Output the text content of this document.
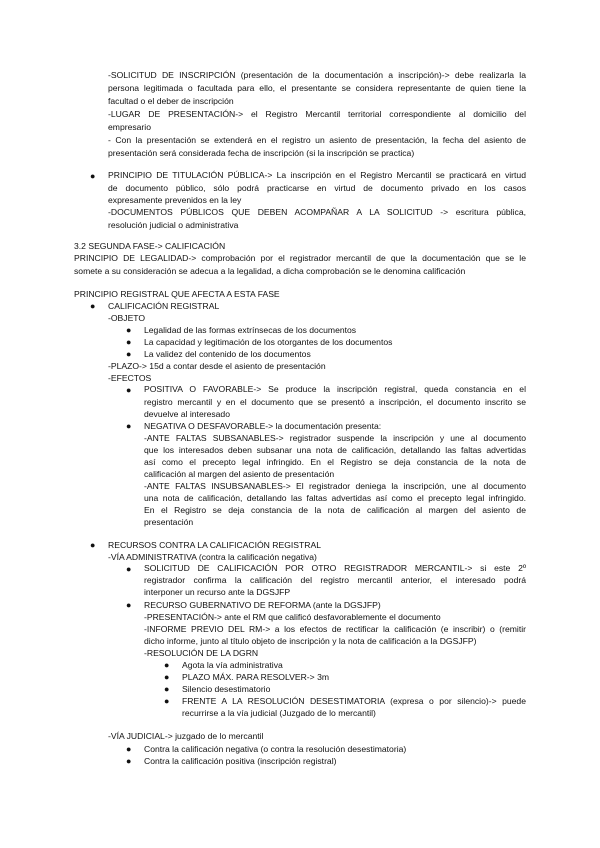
-SOLICITUD DE INSCRIPCIÓN (presentación de la documentación a inscripción)-> debe realizarla la
persona legitimada o facultada para ello, el presentante se considera representante de quien tiene la
facultad o el deber de inscripción
-LUGAR DE PRESENTACIÓN-> el Registro Mercantil territorial correspondiente al domicilio del
empresario
- Con la presentación se extenderá en el registro un asiento de presentación, la fecha del asiento de
presentación será considerada fecha de inscripción (si la inscripción se practica)
● PRINCIPIO DE TITULACIÓN PÚBLICA-> La inscripción en el Registro Mercantil se practicará en virtud
de documento público, sólo podrá practicarse en virtud de documento privado en los casos
expresamente prevenidos en la ley
-DOCUMENTOS PÚBLICOS QUE DEBEN ACOMPAÑAR A LA SOLICITUD -> escritura pública,
resolución judicial o administrativa
3.2 SEGUNDA FASE-> CALIFICACIÓN
PRINCIPIO DE LEGALIDAD-> comprobación por el registrador mercantil de que la documentación que se le
somete a su consideración se adecua a la legalidad, a dicha comprobación se le denomina calificación
PRINCIPIO REGISTRAL QUE AFECTA A ESTA FASE
● CALIFICACIÓN REGISTRAL
-OBJETO
● Legalidad de las formas extrínsecas de los documentos
● La capacidad y legitimación de los otorgantes de los documentos
● La validez del contenido de los documentos
-PLAZO-> 15d a contar desde el asiento de presentación
-EFECTOS
● POSITIVA O FAVORABLE-> Se produce la inscripción registral, queda constancia en el
registro mercantil y en el documento que se presentó a inscripción, el documento inscrito se
devuelve al interesado
● NEGATIVA O DESFAVORABLE-> la documentación presenta:
-ANTE FALTAS SUBSANABLES-> registrador suspende la inscripción y une al documento
que los interesados deben subsanar una nota de calificación, detallando las faltas advertidas
así como el precepto legal infringido. En el Registro se deja constancia de la nota de
calificación al margen del asiento de presentación
-ANTE FALTAS INSUBSANABLES-> El registrador deniega la inscripción, une al documento
una nota de calificación, detallando las faltas advertidas así como el precepto legal infringido.
En el Registro se deja constancia de la nota de calificación al margen del asiento de
presentación
● RECURSOS CONTRA LA CALIFICACIÓN REGISTRAL
-VÍA ADMINISTRATIVA (contra la calificación negativa)
● SOLICITUD DE CALIFICACIÓN POR OTRO REGISTRADOR MERCANTIL-> si este 2º
registrador confirma la calificación del registro mercantil anterior, el interesado podrá
interponer un recurso ante la DGSJFP
● RECURSO GUBERNATIVO DE REFORMA (ante la DGSJFP)
-PRESENTACIÓN-> ante el RM que calificó desfavorablemente el documento
-INFORME PREVIO DEL RM-> a los efectos de rectificar la calificación (e inscribir) o (remitir
dicho informe, junto al título objeto de inscripción y la nota de calificación a la DGSJFP)
-RESOLUCIÓN DE LA DGRN
● Agota la vía administrativa
● PLAZO MÁX. PARA RESOLVER-> 3m
● Silencio desestimatorio
● FRENTE A LA RESOLUCIÓN DESESTIMATORIA (expresa o por silencio)-> puede
recurrirse a la vía judicial (Juzgado de lo mercantil)
-VÍA JUDICIAL-> juzgado de lo mercantil
● Contra la calificación negativa (o contra la resolución desestimatoria)
● Contra la calificación positiva (inscripción registral)
